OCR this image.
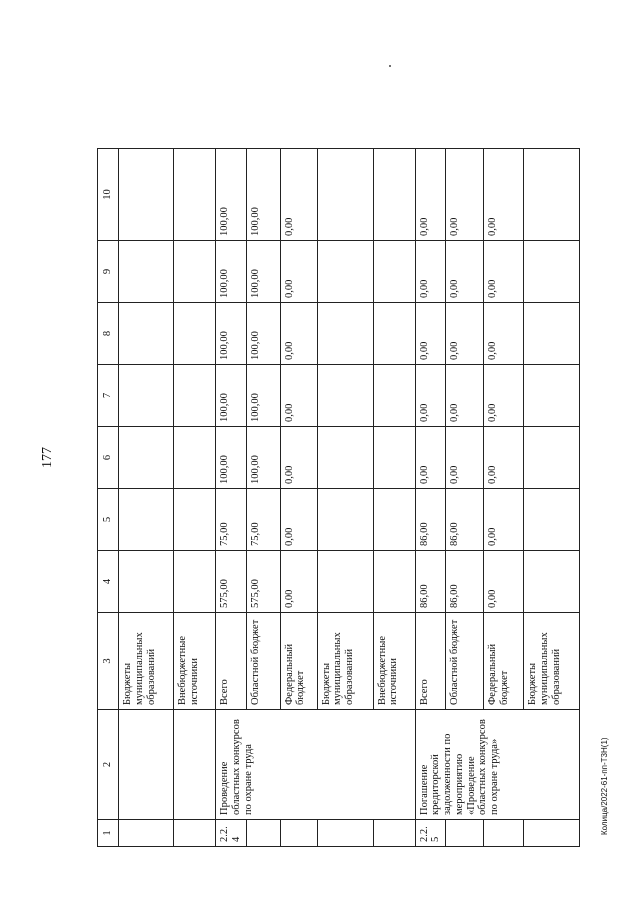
177
Колица/2022-61-пп-Т3Н(1)
1	2	3	4	5	6	7	8	9	10
		Бюджеты муниципальных образований							
		Внебюджетные источники							
2.2.4	Проведение областных конкурсов по охране труда	Всего	575,00	75,00	100,00	100,00	100,00	100,00	100,00
		Областной бюджет	575,00	75,00	100,00	100,00	100,00	100,00	100,00
		Федеральный бюджет	0,00	0,00	0,00	0,00	0,00	0,00	0,00
		Бюджеты муниципальных образований							
		Внебюджетные источники							
2.2.5	Погашение кредиторской задолженности по мероприятию «Проведение областных конкурсов по охране труда»	Всего	86,00	86,00	0,00	0,00	0,00	0,00	0,00
		Областной бюджет	86,00	86,00	0,00	0,00	0,00	0,00	0,00
		Федеральный бюджет	0,00	0,00	0,00	0,00	0,00	0,00	0,00
		Бюджеты муниципальных образований							
